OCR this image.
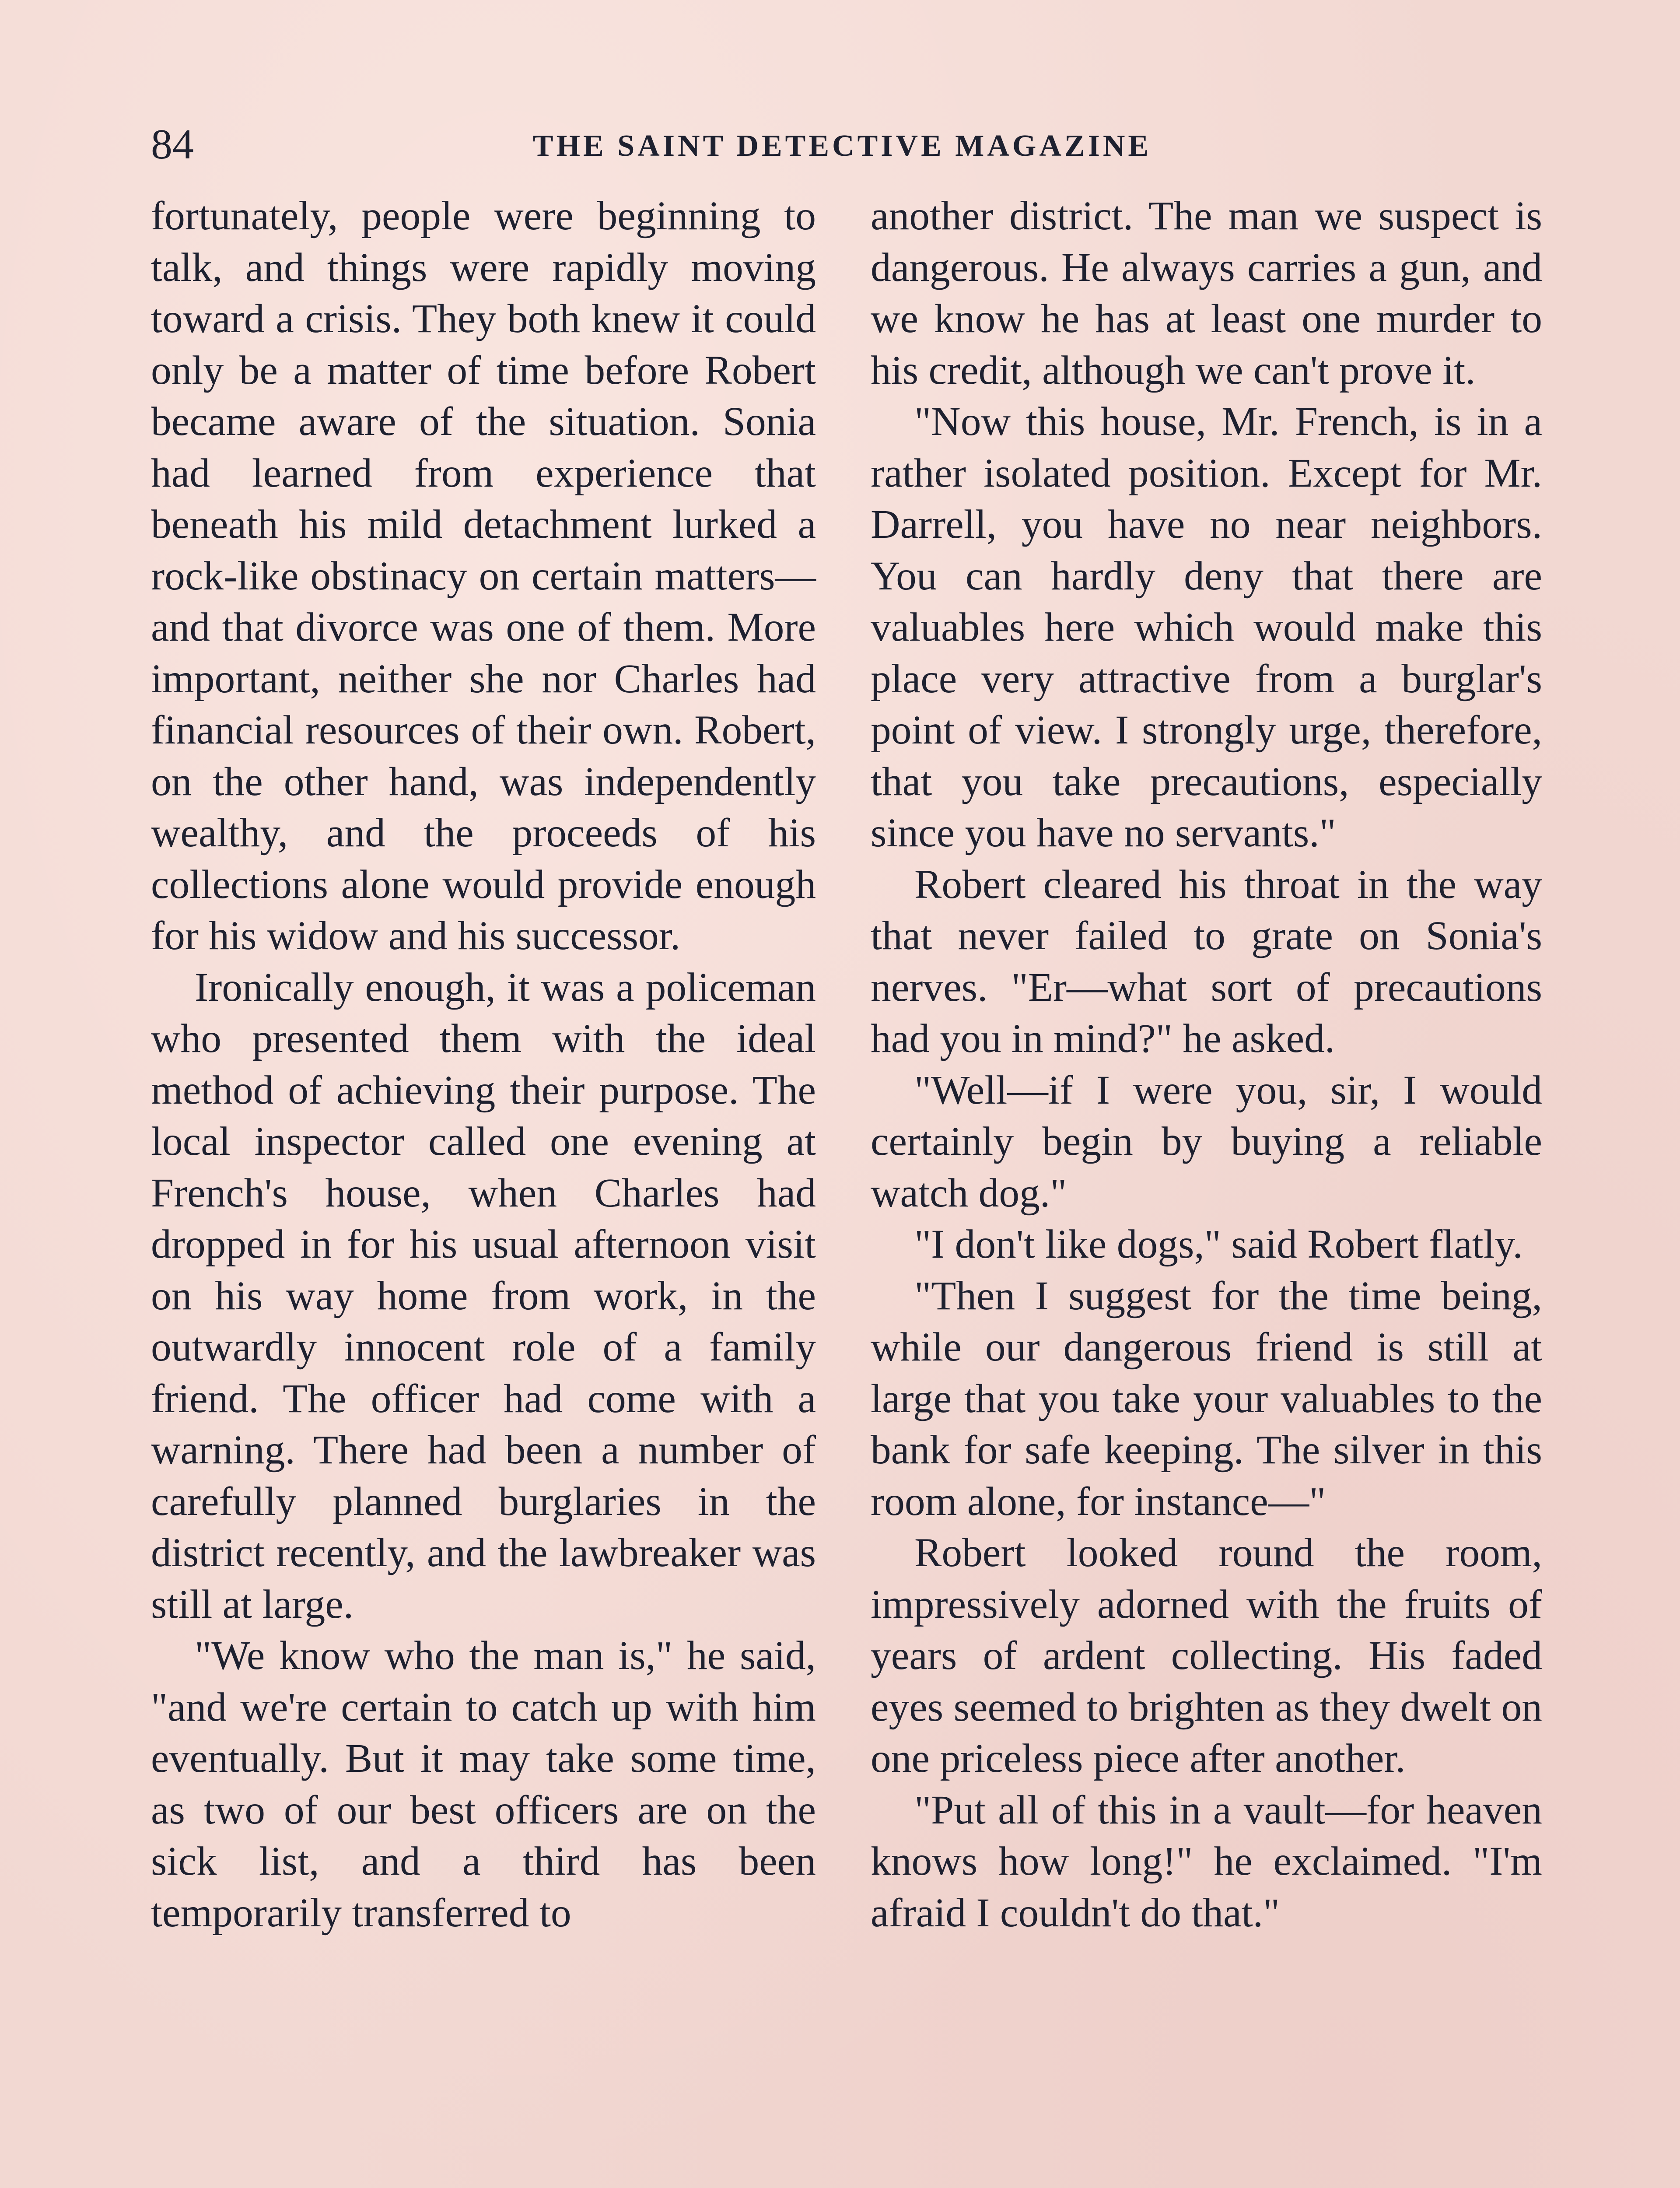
84	THE SAINT DETECTIVE MAGAZINE

fortunately, people were beginning to talk, and things were rapidly moving toward a crisis. They both knew it could only be a matter of time before Robert became aware of the situation. Sonia had learned from experience that beneath his mild detachment lurked a rock-like obstinacy on certain matters—and that divorce was one of them. More important, neither she nor Charles had financial resources of their own. Robert, on the other hand, was independently wealthy, and the proceeds of his collections alone would provide enough for his widow and his successor.

Ironically enough, it was a policeman who presented them with the ideal method of achieving their purpose. The local inspector called one evening at French's house, when Charles had dropped in for his usual afternoon visit on his way home from work, in the outwardly innocent role of a family friend. The officer had come with a warning. There had been a number of carefully planned burglaries in the district recently, and the lawbreaker was still at large.

"We know who the man is," he said, "and we're certain to catch up with him eventually. But it may take some time, as two of our best officers are on the sick list, and a third has been temporarily transferred to

another district. The man we suspect is dangerous. He always carries a gun, and we know he has at least one murder to his credit, although we can't prove it.

"Now this house, Mr. French, is in a rather isolated position. Except for Mr. Darrell, you have no near neighbors. You can hardly deny that there are valuables here which would make this place very attractive from a burglar's point of view. I strongly urge, therefore, that you take precautions, especially since you have no servants."

Robert cleared his throat in the way that never failed to grate on Sonia's nerves. "Er—what sort of precautions had you in mind?" he asked.

"Well—if I were you, sir, I would certainly begin by buying a reliable watch dog."

"I don't like dogs," said Robert flatly.

"Then I suggest for the time being, while our dangerous friend is still at large that you take your valuables to the bank for safe keeping. The silver in this room alone, for instance—"

Robert looked round the room, impressively adorned with the fruits of years of ardent collecting. His faded eyes seemed to brighten as they dwelt on one priceless piece after another.

"Put all of this in a vault—for heaven knows how long!" he exclaimed. "I'm afraid I couldn't do that."
